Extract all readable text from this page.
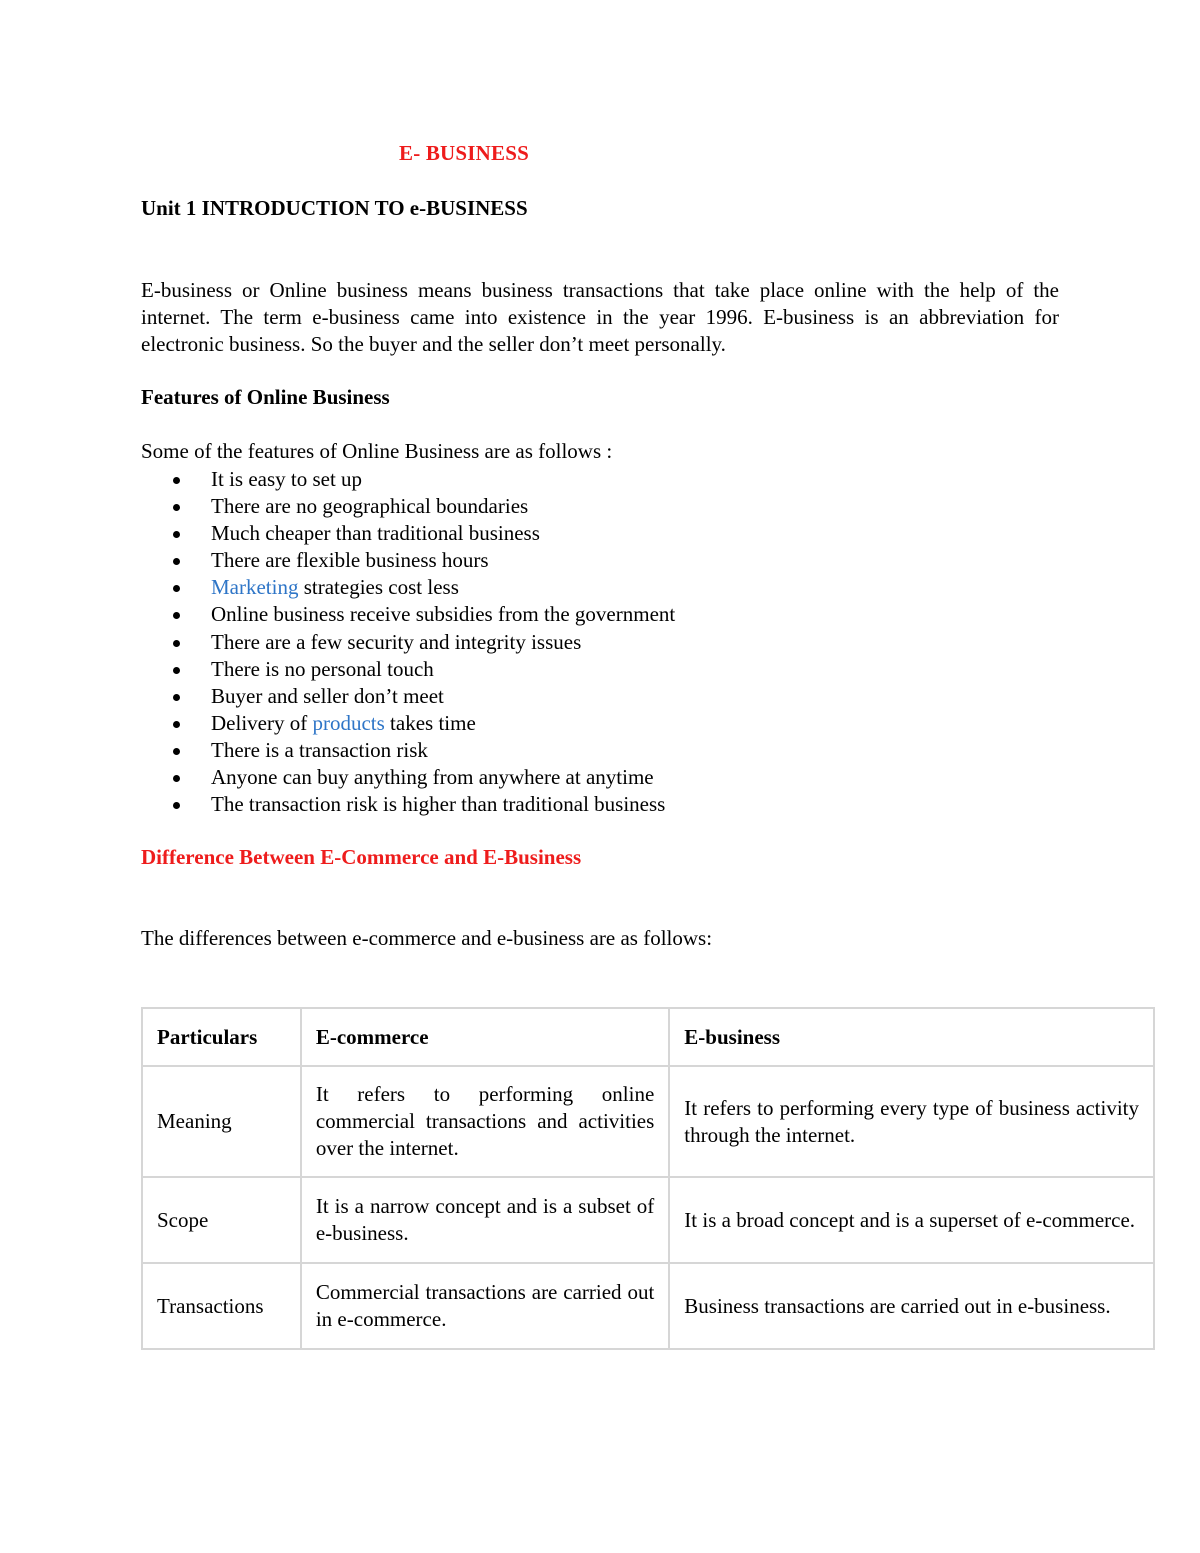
E- BUSINESS
Unit 1 INTRODUCTION TO e-BUSINESS

E-business or Online business means business transactions that take place online with the help of the internet. The term e-business came into existence in the year 1996. E-business is an abbreviation for electronic business. So the buyer and the seller don’t meet personally.

Features of Online Business
Some of the features of Online Business are as follows :
It is easy to set up
There are no geographical boundaries
Much cheaper than traditional business
There are flexible business hours
Marketing strategies cost less
Online business receive subsidies from the government
There are a few security and integrity issues
There is no personal touch
Buyer and seller don’t meet
Delivery of products takes time
There is a transaction risk
Anyone can buy anything from anywhere at anytime
The transaction risk is higher than traditional business
Difference Between E-Commerce and E-Business
The differences between e-commerce and e-business are as follows:
Particulars	E-commerce	E-business
Meaning	It refers to performing online commercial transactions and activities over the internet.	It refers to performing every type of business activity through the internet.
Scope	It is a narrow concept and is a subset of e-business.	It is a broad concept and is a superset of e-commerce.
Transactions	Commercial transactions are carried out in e-commerce.	Business transactions are carried out in e-business.
